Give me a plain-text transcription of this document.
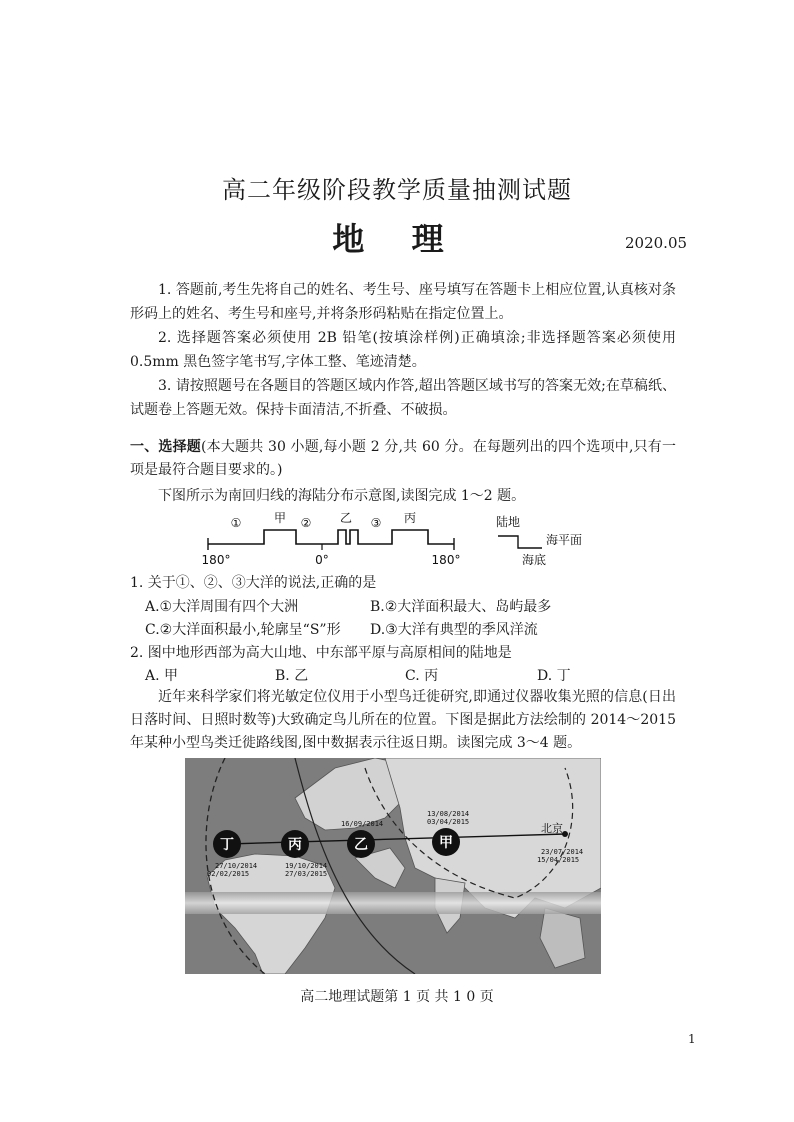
高二年级阶段教学质量抽测试题
地 理	2020.05
1. 答题前,考生先将自己的姓名、考生号、座号填写在答题卡上相应位置,认真核对条形码上的姓名、考生号和座号,并将条形码粘贴在指定位置上。
2. 选择题答案必须使用 2B 铅笔(按填涂样例)正确填涂;非选择题答案必须使用 0.5mm 黑色签字笔书写,字体工整、笔迹清楚。
3. 请按照题号在各题目的答题区域内作答,超出答题区域书写的答案无效;在草稿纸、试题卷上答题无效。保持卡面清洁,不折叠、不破损。
一、选择题(本大题共 30 小题,每小题 2 分,共 60 分。在每题列出的四个选项中,只有一项是最符合题目要求的。)
下图所示为南回归线的海陆分布示意图,读图完成 1～2 题。
①	甲 ② 乙 ③ 丙
180°	0°	180°
陆地
海平面
海底
1. 关于①、②、③大洋的说法,正确的是
A.①大洋周围有四个大洲	B.②大洋面积最大、岛屿最多
C.②大洋面积最小,轮廓呈“S”形 D.③大洋有典型的季风洋流
2. 图中地形西部为高大山地、中东部平原与高原相间的陆地是
A. 甲	B. 乙	C. 丙	D. 丁
近年来科学家们将光敏定位仪用于小型鸟迁徙研究,即通过仪器收集光照的信息(日出日落时间、日照时数等)大致确定鸟儿所在的位置。下图是据此方法绘制的 2014～2015 年某种小型鸟类迁徙路线图,图中数据表示往返日期。读图完成 3～4 题。
丁	丙	乙	甲
北京
27/10/2014
02/02/2015
19/10/2014
27/03/2015
16/09/2014
13/08/2014
03/04/2015
23/07/2014
15/04/2015
高二地理试题第 1 页 共 1 0 页
1
